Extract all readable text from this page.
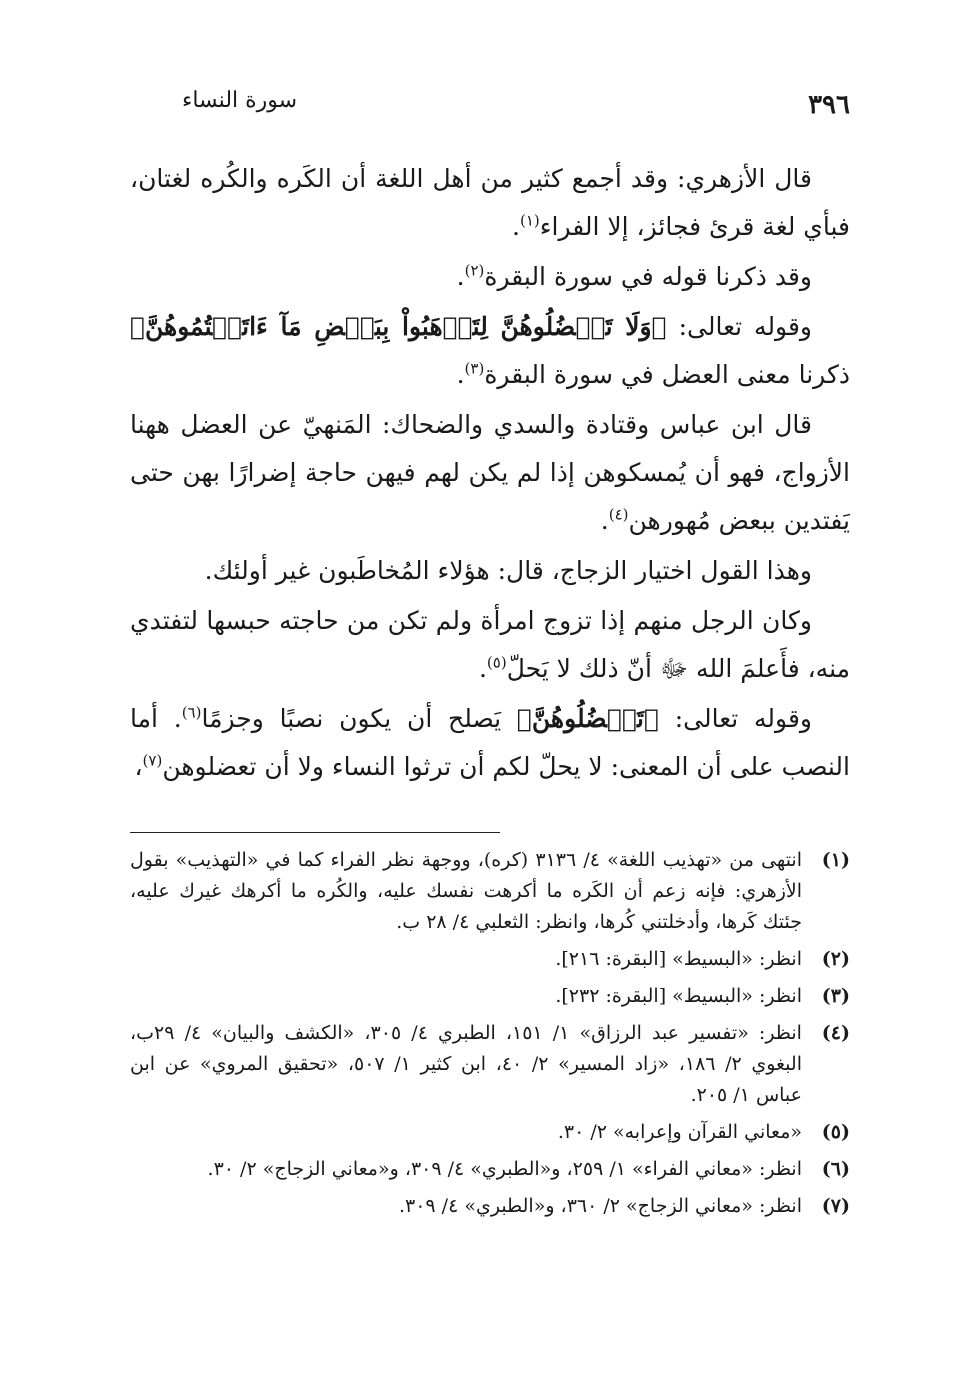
٣٩٦
سورة النساء

قال الأزهري: وقد أجمع كثير من أهل اللغة أن الكَره والكُره لغتان، فبأي لغة قرئ فجائز، إلا الفراء$^{(١)}$.

وقد ذكرنا قوله في سورة البقرة$^{(٢)}$.

وقوله تعالى: ﴿وَلَا تَعۡضُلُوهُنَّ لِتَذۡهَبُواْ بِبَعۡضِ مَآ ءَاتَيۡتُمُوهُنَّ﴾ ذكرنا معنى العضل في سورة البقرة$^{(٣)}$.

قال ابن عباس وقتادة والسدي والضحاك: المَنهيّ عن العضل ههنا الأزواج، فهو أن يُمسكوهن إذا لم يكن لهم فيهن حاجة إضرارًا بهن حتى يَفتدين ببعض مُهورهن$^{(٤)}$.

وهذا القول اختيار الزجاج، قال: هؤلاء المُخاطَبون غير أولئك.

وكان الرجل منهم إذا تزوج امرأة ولم تكن من حاجته حبسها لتفتدي منه، فأَعلمَ الله ﷻ أنّ ذلك لا يَحلّ$^{(٥)}$.

وقوله تعالى: ﴿تَعۡضُلُوهُنَّ﴾ يَصلح أن يكون نصبًا وجزمًا$^{(٦)}$. أما النصب على أن المعنى: لا يحلّ لكم أن ترثوا النساء ولا أن تعضلوهن$^{(٧)}$،

(١)
انتهى من «تهذيب اللغة» ٤/ ٣١٣٦ (كره)، ووجهة نظر الفراء كما في «التهذيب» بقول الأزهري: فإنه زعم أن الكَره ما أكرهت نفسك عليه، والكُره ما أكرهك غيرك عليه، جئتك كَرها، وأدخلتني كُرها، وانظر: الثعلبي ٤/ ٢٨ ب.
(٢)
انظر: «البسيط» [البقرة: ٢١٦].
(٣)
انظر: «البسيط» [البقرة: ٢٣٢].
(٤)
انظر: «تفسير عبد الرزاق» ١/ ١٥١، الطبري ٤/ ٣٠٥، «الكشف والبيان» ٤/ ٢٩ب، البغوي ٢/ ١٨٦، «زاد المسير» ٢/ ٤٠، ابن كثير ١/ ٥٠٧، «تحقيق المروي» عن ابن عباس ١/ ٢٠٥.
(٥)
«معاني القرآن وإعرابه» ٢/ ٣٠.
(٦)
انظر: «معاني الفراء» ١/ ٢٥٩، و«الطبري» ٤/ ٣٠٩، و«معاني الزجاج» ٢/ ٣٠.
(٧)
انظر: «معاني الزجاج» ٢/ ٣٦٠، و«الطبري» ٤/ ٣٠٩.
